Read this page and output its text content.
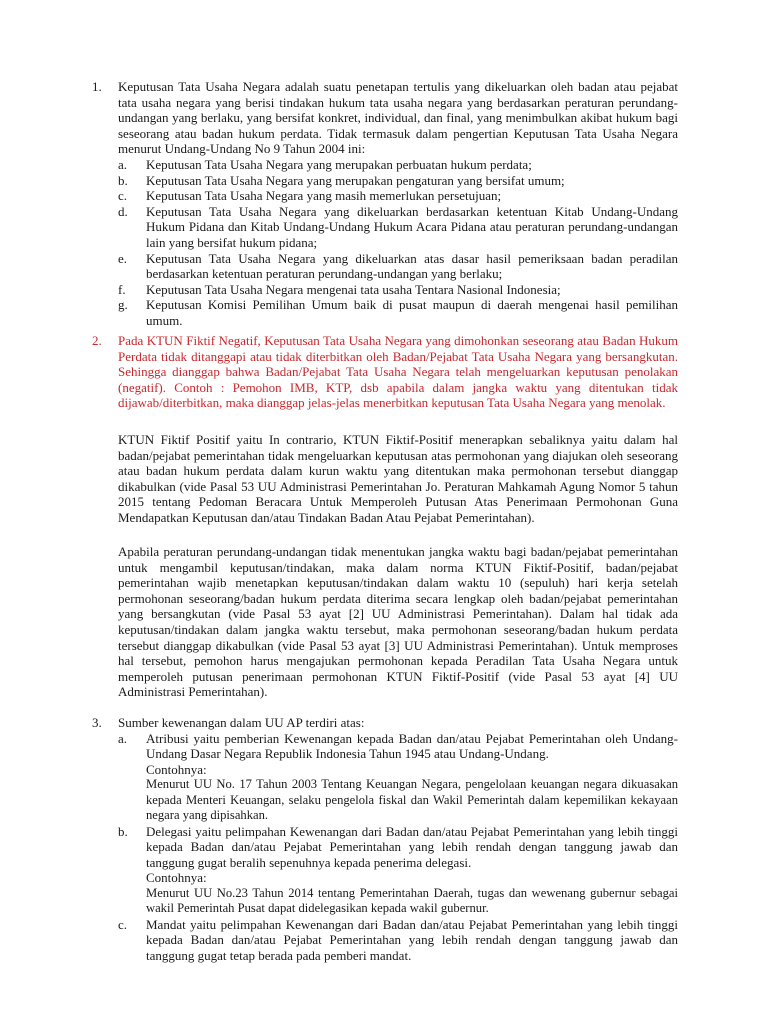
1. Keputusan Tata Usaha Negara adalah suatu penetapan tertulis yang dikeluarkan oleh badan atau pejabat tata usaha negara yang berisi tindakan hukum tata usaha negara yang berdasarkan peraturan perundang-undangan yang berlaku, yang bersifat konkret, individual, dan final, yang menimbulkan akibat hukum bagi seseorang atau badan hukum perdata. Tidak termasuk dalam pengertian Keputusan Tata Usaha Negara menurut Undang-Undang No 9 Tahun 2004 ini:

a.	Keputusan Tata Usaha Negara yang merupakan perbuatan hukum perdata;
b.	Keputusan Tata Usaha Negara yang merupakan pengaturan yang bersifat umum;
c.	Keputusan Tata Usaha Negara yang masih memerlukan persetujuan;
d.	Keputusan Tata Usaha Negara yang dikeluarkan berdasarkan ketentuan Kitab Undang-Undang Hukum Pidana dan Kitab Undang-Undang Hukum Acara Pidana atau peraturan perundang-undangan lain yang bersifat hukum pidana;
e.	Keputusan Tata Usaha Negara yang dikeluarkan atas dasar hasil pemeriksaan badan peradilan berdasarkan ketentuan peraturan perundang-undangan yang berlaku;
f.	Keputusan Tata Usaha Negara mengenai tata usaha Tentara Nasional Indonesia;
g.	Keputusan Komisi Pemilihan Umum baik di pusat maupun di daerah mengenai hasil pemilihan umum.
2. Pada KTUN Fiktif Negatif, Keputusan Tata Usaha Negara yang dimohonkan seseorang atau Badan Hukum Perdata tidak ditanggapi atau tidak diterbitkan oleh Badan/Pejabat Tata Usaha Negara yang bersangkutan. Sehingga dianggap bahwa Badan/Pejabat Tata Usaha Negara telah mengeluarkan keputusan penolakan (negatif). Contoh : Pemohon IMB, KTP, dsb apabila dalam jangka waktu yang ditentukan tidak dijawab/diterbitkan, maka dianggap jelas-jelas menerbitkan keputusan Tata Usaha Negara yang menolak.

KTUN Fiktif Positif yaitu In contrario, KTUN Fiktif-Positif menerapkan sebaliknya yaitu dalam hal badan/pejabat pemerintahan tidak mengeluarkan keputusan atas permohonan yang diajukan oleh seseorang atau badan hukum perdata dalam kurun waktu yang ditentukan maka permohonan tersebut dianggap dikabulkan (vide Pasal 53 UU Administrasi Pemerintahan Jo. Peraturan Mahkamah Agung Nomor 5 tahun 2015 tentang Pedoman Beracara Untuk Memperoleh Putusan Atas Penerimaan Permohonan Guna Mendapatkan Keputusan dan/atau Tindakan Badan Atau Pejabat Pemerintahan).

Apabila peraturan perundang-undangan tidak menentukan jangka waktu bagi badan/pejabat pemerintahan untuk mengambil keputusan/tindakan, maka dalam norma KTUN Fiktif-Positif, badan/pejabat pemerintahan wajib menetapkan keputusan/tindakan dalam waktu 10 (sepuluh) hari kerja setelah permohonan seseorang/badan hukum perdata diterima secara lengkap oleh badan/pejabat pemerintahan yang bersangkutan (vide Pasal 53 ayat [2] UU Administrasi Pemerintahan). Dalam hal tidak ada keputusan/tindakan dalam jangka waktu tersebut, maka permohonan seseorang/badan hukum perdata tersebut dianggap dikabulkan (vide Pasal 53 ayat [3] UU Administrasi Pemerintahan). Untuk memproses hal tersebut, pemohon harus mengajukan permohonan kepada Peradilan Tata Usaha Negara untuk memperoleh putusan penerimaan permohonan KTUN Fiktif-Positif (vide Pasal 53 ayat [4] UU Administrasi Pemerintahan).

3. Sumber kewenangan dalam UU AP terdiri atas:

a.	Atribusi yaitu pemberian Kewenangan kepada Badan dan/atau Pejabat Pemerintahan oleh Undang- Undang Dasar Negara Republik Indonesia Tahun 1945 atau Undang-Undang.
Contohnya:
Menurut UU No. 17 Tahun 2003 Tentang Keuangan Negara, pengelolaan keuangan negara dikuasakan kepada Menteri Keuangan, selaku pengelola fiskal dan Wakil Pemerintah dalam kepemilikan kekayaan negara yang dipisahkan.
b.	Delegasi yaitu pelimpahan Kewenangan dari Badan dan/atau Pejabat Pemerintahan yang lebih tinggi kepada Badan dan/atau Pejabat Pemerintahan yang lebih rendah dengan tanggung jawab dan tanggung gugat beralih sepenuhnya kepada penerima delegasi.
Contohnya:
Menurut UU No.23 Tahun 2014 tentang Pemerintahan Daerah, tugas dan wewenang gubernur sebagai wakil Pemerintah Pusat dapat didelegasikan kepada wakil gubernur.
c.	Mandat yaitu pelimpahan Kewenangan dari Badan dan/atau Pejabat Pemerintahan yang lebih tinggi kepada Badan dan/atau Pejabat Pemerintahan yang lebih rendah dengan tanggung jawab dan tanggung gugat tetap berada pada pemberi mandat.
